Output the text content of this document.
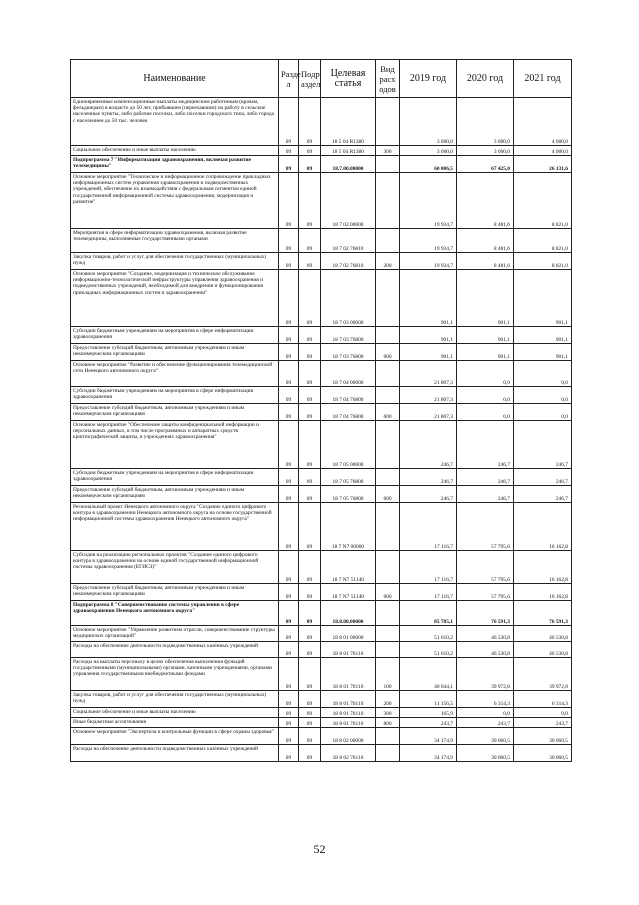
Наименование	Разде л	Подр аздел	Целевая статья	Вид расх одов	2019 год	2020 год	2021 год
Единовременные компенсационные выплаты медицинским работникам (врачам, фельдшерам) в возрасте до 50 лет, прибывшим (переехавшим) на работу в сельские населенные пункты, либо рабочие поселки, либо поселки городского типа, либо города с населением до 50 тыс. человек	09	09	18 5 04 R1380		3 000,0	3 000,0	4 000,0
Социальное обеспечение и иные выплаты населению	09	09	18 5 04 R1380	300	3 000,0	3 000,0	4 000,0
Подпрограмма 7 "Информатизация здравоохранения, включая развитие телемедицины"	09	09	18.7.00.00000		60 006,5	67 425,0	26 131,6
Основное мероприятие "Техническое и информационное сопровождение прикладных информационных систем управления здравоохранения и подведомственных учреждений, обеспечение их взаимодействия с федеральным сегментом единой государственной информационной системы здравоохранения, модернизация и развитие"	09	09	18 7 02 00000		19 934,7	8 481,6	8 821,0
Мероприятия в сфере информатизации здравоохранения, включая развитие телемедицины, выполняемые государственными органами	09	09	18 7 02 76810		19 934,7	8 481,6	8 821,0
Закупка товаров, работ и услуг для обеспечения государственных (муниципальных) нужд	09	09	18 7 02 76810	200	19 934,7	8 481,6	8 821,0
Основное мероприятие "Создание, модернизация и техническое обслуживание информационно-технологической инфраструктуры управления здравоохранения и подведомственных учреждений, необходимой для внедрения и функционирования прикладных информационных систем в здравоохранении"	09	09	18 7 03 00000		901,1	901,1	901,1
Субсидии бюджетным учреждениям на мероприятия в сфере информатизации здравоохранения	09	09	18 7 03 76800		901,1	901,1	901,1
Предоставление субсидий бюджетным, автономным учреждениям и иным некоммерческим организациям	09	09	18 7 03 76800	600	901,1	901,1	901,1
Основное мероприятие "Развитие и обеспечение функционирования телемедицинской сети Ненецкого автономного округа"	09	09	18 7 04 00000		21 807,3	0,0	0,0
Субсидии бюджетным учреждениям на мероприятия в сфере информатизации здравоохранения	09	09	18 7 04 76800		21 807,3	0,0	0,0
Предоставление субсидий бюджетным, автономным учреждениям и иным некоммерческим организациям	09	09	18 7 04 76800	600	21 807,3	0,0	0,0
Основное мероприятие "Обеспечение защиты конфиденциальной информации и персональных данных, в том числе программных и аппаратных средств криптографической защиты, в учреждениях здравоохранения"	09	09	18 7 05 00000		246,7	246,7	246,7
Субсидии бюджетным учреждениям на мероприятия в сфере информатизации здравоохранения	09	09	18 7 05 76800		246,7	246,7	246,7
Предоставление субсидий бюджетным, автономным учреждениям и иным некоммерческим организациям	09	09	18 7 05 76800	600	246,7	246,7	246,7
Региональный проект Ненецкого автономного округа "Создание единого цифрового контура в здравоохранении Ненецкого автономного округа на основе государственной информационной системы здравоохранения Ненецкого автономного округа"	09	09	18 7 N7 00000		17 116,7	57 795,6	16 162,8
Субсидия на реализацию региональных проектов "Создание единого цифрового контура в здравоохранении на основе единой государственной информационной системы здравоохранения (ЕГИСЗ)"	09	09	18 7 N7 51140		17 116,7	57 795,6	16 162,8
Предоставление субсидий бюджетным, автономным учреждениям и иным некоммерческим организациям	09	09	18 7 N7 51140	600	17 116,7	57 795,6	16 162,8
Подпрограмма 8 "Совершенствование системы управления в сфере здравоохранения Ненецкого автономного округа"	09	09	18.8.00.00000		85 785,1	76 591,3	76 591,3
Основное мероприятие "Управление развитием отрасли, совершенствование структуры медицинских организаций"	09	09	18 8 01 00000		51 610,2	46 530,8	46 530,8
Расходы на обеспечение деятельности подведомственных казённых учреждений	09	09	18 8 01 70110		51 610,2	46 530,8	46 530,8
Расходы на выплаты персоналу в целях обеспечения выполнения функций государственными (муниципальными) органами, казенными учреждениями, органами управления государственными внебюджетными фондами	09	09	18 8 01 70110	100	40 044,1	39 972,8	39 972,8
Закупка товаров, работ и услуг для обеспечения государственных (муниципальных) нужд	09	09	18 8 01 70110	200	11 156,5	6 314,3	6 314,3
Социальное обеспечение и иные выплаты населению	09	09	18 8 01 70110	300	165,9	0,0	0,0
Иные бюджетные ассигнования	09	09	18 8 01 70110	800	243,7	243,7	243,7
Основное мероприятие "Экспертиза и контрольные функции в сфере охраны здоровья"	09	09	18 8 02 00000		34 174,9	30 060,5	30 060,5
Расходы на обеспечение деятельности подведомственных казённых учреждений	09	09	18 8 02 70110		34 174,9	30 060,5	30 060,5
52
